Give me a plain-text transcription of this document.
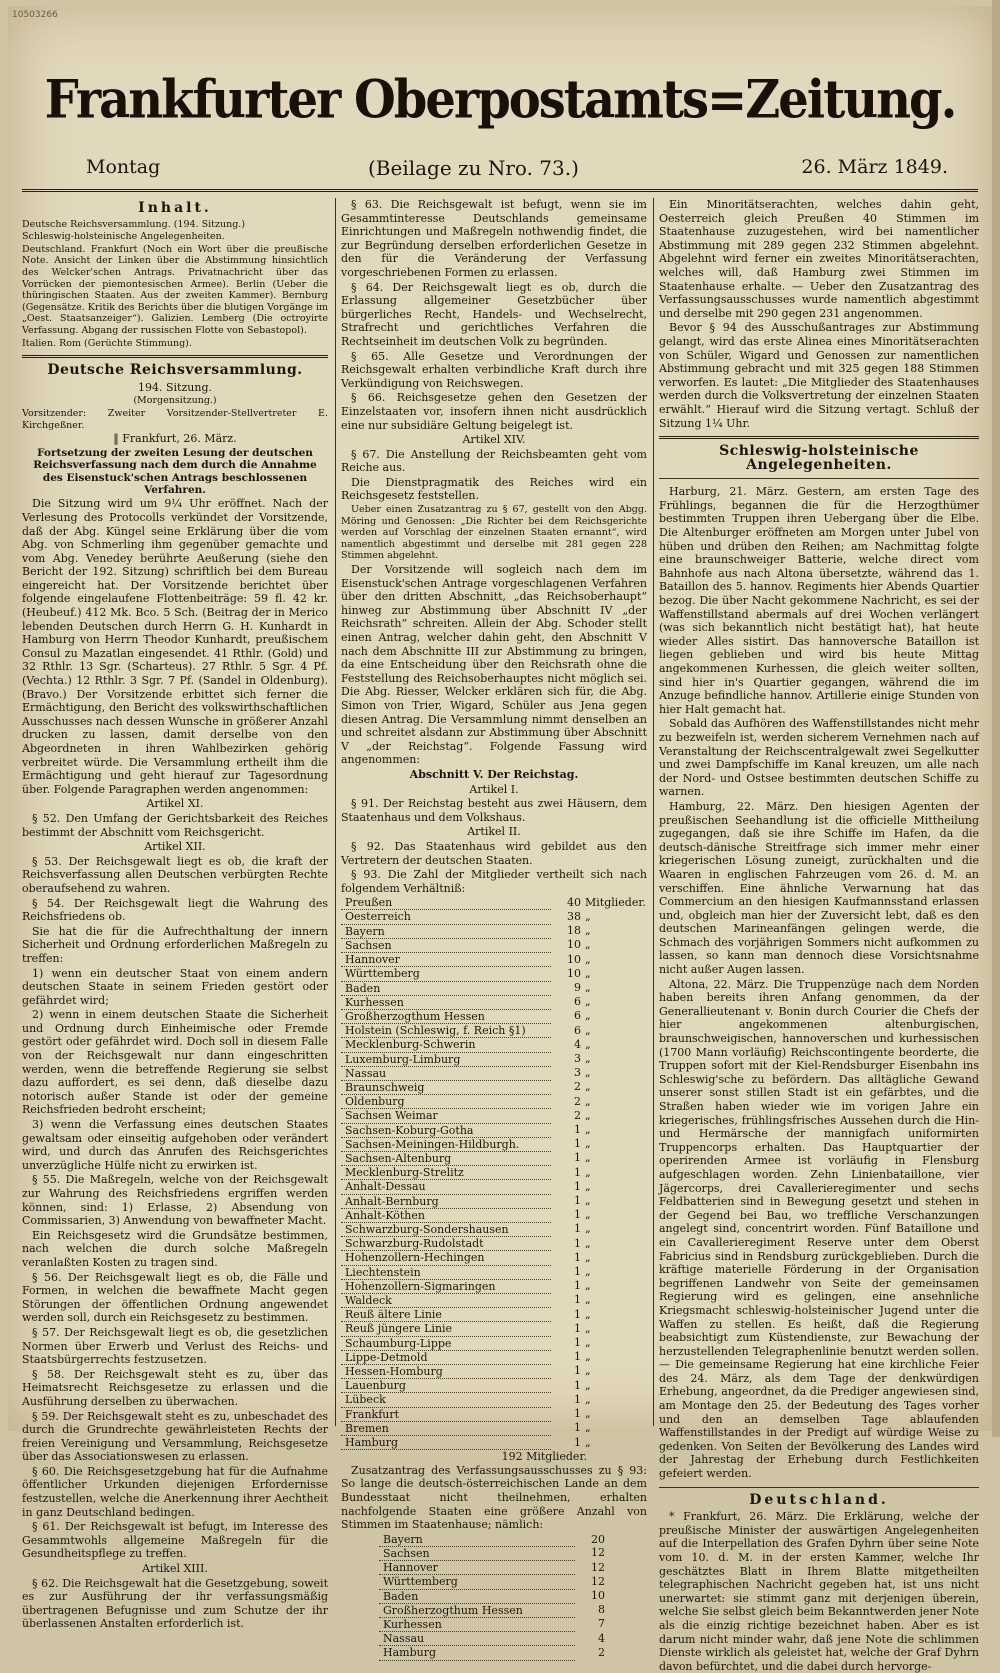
10503266
Frankfurter Oberpostamts=Zeitung.
Montag	(Beilage zu Nro. 73.)	26. März 1849.
Inhalt.

Deutsche Reichsversammlung. (194. Sitzung.)

Schleswig-holsteinische Angelegenheiten.

Deutschland. Frankfurt (Noch ein Wort über die preußische Note. Ansicht der Linken über die Abstimmung hinsichtlich des Welcker'schen Antrags. Privatnachricht über das Vorrücken der piemontesischen Armee). Berlin (Ueber die thüringischen Staaten. Aus der zweiten Kammer). Bernburg (Gegensätze. Kritik des Berichts über die blutigen Vorgänge im „Oest. Staatsanzeiger“). Galizien. Lemberg (Die octroyirte Verfassung. Abgang der russischen Flotte von Sebastopol).

Italien. Rom (Gerüchte Stimmung).

Deutsche Reichsversammlung.

194. Sitzung.

(Morgensitzung.)

Vorsitzender: Zweiter Vorsitzender-Stellvertreter E. Kirchgeßner.

‖ Frankfurt, 26. März.

Fortsetzung der zweiten Lesung der deutschen Reichsverfassung nach dem durch die Annahme des Eisenstuck'schen Antrags beschlossenen Verfahren.

Die Sitzung wird um 9¼ Uhr eröffnet. Nach der Verlesung des Protocolls verkündet der Vorsitzende, daß der Abg. Küngel seine Erklärung über die vom Abg. von Schmerling ihm gegenüber gemachte und vom Abg. Venedey berührte Aeußerung (siehe den Bericht der 192. Sitzung) schriftlich bei dem Bureau eingereicht hat. Der Vorsitzende berichtet über folgende eingelaufene Flottenbeiträge: 59 fl. 42 kr. (Heubeuf.) 412 Mk. Bco. 5 Sch. (Beitrag der in Merico lebenden Deutschen durch Herrn G. H. Kunhardt in Hamburg von Herrn Theodor Kunhardt, preußischem Consul zu Mazatlan eingesendet. 41 Rthlr. (Gold) und 32 Rthlr. 13 Sgr. (Scharteus). 27 Rthlr. 5 Sgr. 4 Pf. (Vechta.) 12 Rthlr. 3 Sgr. 7 Pf. (Sandel in Oldenburg). (Bravo.) Der Vorsitzende erbittet sich ferner die Ermächtigung, den Bericht des volkswirthschaftlichen Ausschusses nach dessen Wunsche in größerer Anzahl drucken zu lassen, damit derselbe von den Abgeordneten in ihren Wahlbezirken gehörig verbreitet würde. Die Versammlung ertheilt ihm die Ermächtigung und geht hierauf zur Tagesordnung über. Folgende Paragraphen werden angenommen:

Artikel XI.

§ 52. Den Umfang der Gerichtsbarkeit des Reiches bestimmt der Abschnitt vom Reichsgericht.

Artikel XII.

§ 53. Der Reichsgewalt liegt es ob, die kraft der Reichsverfassung allen Deutschen verbürgten Rechte oberaufsehend zu wahren.

§ 54. Der Reichsgewalt liegt die Wahrung des Reichsfriedens ob.

Sie hat die für die Aufrechthaltung der innern Sicherheit und Ordnung erforderlichen Maßregeln zu treffen:

1) wenn ein deutscher Staat von einem andern deutschen Staate in seinem Frieden gestört oder gefährdet wird;

2) wenn in einem deutschen Staate die Sicherheit und Ordnung durch Einheimische oder Fremde gestört oder gefährdet wird. Doch soll in diesem Falle von der Reichsgewalt nur dann eingeschritten werden, wenn die betreffende Regierung sie selbst dazu auffordert, es sei denn, daß dieselbe dazu notorisch außer Stande ist oder der gemeine Reichsfrieden bedroht erscheint;

3) wenn die Verfassung eines deutschen Staates gewaltsam oder einseitig aufgehoben oder verändert wird, und durch das Anrufen des Reichsgerichtes unverzügliche Hülfe nicht zu erwirken ist.

§ 55. Die Maßregeln, welche von der Reichsgewalt zur Wahrung des Reichsfriedens ergriffen werden können, sind: 1) Erlasse, 2) Absendung von Commissarien, 3) Anwendung von bewaffneter Macht.

Ein Reichsgesetz wird die Grundsätze bestimmen, nach welchen die durch solche Maßregeln veranlaßten Kosten zu tragen sind.

§ 56. Der Reichsgewalt liegt es ob, die Fälle und Formen, in welchen die bewaffnete Macht gegen Störungen der öffentlichen Ordnung angewendet werden soll, durch ein Reichsgesetz zu bestimmen.

§ 57. Der Reichsgewalt liegt es ob, die gesetzlichen Normen über Erwerb und Verlust des Reichs- und Staatsbürgerrechts festzusetzen.

§ 58. Der Reichsgewalt steht es zu, über das Heimatsrecht Reichsgesetze zu erlassen und die Ausführung derselben zu überwachen.

§ 59. Der Reichsgewalt steht es zu, unbeschadet des durch die Grundrechte gewährleisteten Rechts der freien Vereinigung und Versammlung, Reichsgesetze über das Associationswesen zu erlassen.

§ 60. Die Reichsgesetzgebung hat für die Aufnahme öffentlicher Urkunden diejenigen Erfordernisse festzustellen, welche die Anerkennung ihrer Aechtheit in ganz Deutschland bedingen.

§ 61. Der Reichsgewalt ist befugt, im Interesse des Gesammtwohls allgemeine Maßregeln für die Gesundheitspflege zu treffen.

Artikel XIII.

§ 62. Die Reichsgewalt hat die Gesetzgebung, soweit es zur Ausführung der ihr verfassungsmäßig übertragenen Befugnisse und zum Schutze der ihr überlassenen Anstalten erforderlich ist.

§ 63. Die Reichsgewalt ist befugt, wenn sie im Gesammtinteresse Deutschlands gemeinsame Einrichtungen und Maßregeln nothwendig findet, die zur Begründung derselben erforderlichen Gesetze in den für die Veränderung der Verfassung vorgeschriebenen Formen zu erlassen.

§ 64. Der Reichsgewalt liegt es ob, durch die Erlassung allgemeiner Gesetzbücher über bürgerliches Recht, Handels- und Wechselrecht, Strafrecht und gerichtliches Verfahren die Rechtseinheit im deutschen Volk zu begründen.

§ 65. Alle Gesetze und Verordnungen der Reichsgewalt erhalten verbindliche Kraft durch ihre Verkündigung von Reichswegen.

§ 66. Reichsgesetze gehen den Gesetzen der Einzelstaaten vor, insofern ihnen nicht ausdrücklich eine nur subsidiäre Geltung beigelegt ist.

Artikel XIV.

§ 67. Die Anstellung der Reichsbeamten geht vom Reiche aus.

Die Dienstpragmatik des Reiches wird ein Reichsgesetz feststellen.

Ueber einen Zusatzantrag zu § 67, gestellt von den Abgg. Möring und Genossen: „Die Richter bei dem Reichsgerichte werden auf Vorschlag der einzelnen Staaten ernannt“, wird namentlich abgestimmt und derselbe mit 281 gegen 228 Stimmen abgelehnt.

Der Vorsitzende will sogleich nach dem im Eisenstuck'schen Antrage vorgeschlagenen Verfahren über den dritten Abschnitt, „das Reichsoberhaupt“ hinweg zur Abstimmung über Abschnitt IV „der Reichsrath“ schreiten. Allein der Abg. Schoder stellt einen Antrag, welcher dahin geht, den Abschnitt V nach dem Abschnitte III zur Abstimmung zu bringen, da eine Entscheidung über den Reichsrath ohne die Feststellung des Reichsoberhauptes nicht möglich sei. Die Abg. Riesser, Welcker erklären sich für, die Abg. Simon von Trier, Wigard, Schüler aus Jena gegen diesen Antrag. Die Versammlung nimmt denselben an und schreitet alsdann zur Abstimmung über Abschnitt V „der Reichstag“. Folgende Fassung wird angenommen:

Abschnitt V. Der Reichstag.

Artikel I.

§ 91. Der Reichstag besteht aus zwei Häusern, dem Staatenhaus und dem Volkshaus.

Artikel II.

§ 92. Das Staatenhaus wird gebildet aus den Vertretern der deutschen Staaten.

§ 93. Die Zahl der Mitglieder vertheilt sich nach folgendem Verhältniß:

Preußen	40	Mitglieder.
Oesterreich	38	„
Bayern	18	„
Sachsen	10	„
Hannover	10	„
Württemberg	10	„
Baden	9	„
Kurhessen	6	„
Großherzogthum Hessen	6	„
Holstein (Schleswig, f. Reich §1)	6	„
Mecklenburg-Schwerin	4	„
Luxemburg-Limburg	3	„
Nassau	3	„
Braunschweig	2	„
Oldenburg	2	„
Sachsen Weimar	2	„
Sachsen-Koburg-Gotha	1	„
Sachsen-Meiningen-Hildburgh.	1	„
Sachsen-Altenburg	1	„
Mecklenburg-Strelitz	1	„
Anhalt-Dessau	1	„
Anhalt-Bernburg	1	„
Anhalt-Köthen	1	„
Schwarzburg-Sondershausen	1	„
Schwarzburg-Rudolstadt	1	„
Hohenzollern-Hechingen	1	„
Liechtenstein	1	„
Hohenzollern-Sigmaringen	1	„
Waldeck	1	„
Reuß ältere Linie	1	„
Reuß jüngere Linie	1	„
Schaumburg-Lippe	1	„
Lippe-Detmold	1	„
Hessen-Homburg	1	„
Lauenburg	1	„
Lübeck	1	„
Frankfurt	1	„
Bremen	1	„
Hamburg	1	„
192 Mitglieder.

Zusatzantrag des Verfassungsausschusses zu § 93: So lange die deutsch-österreichischen Lande an dem Bundesstaat nicht theilnehmen, erhalten nachfolgende Staaten eine größere Anzahl von Stimmen im Staatenhause; nämlich:

Bayern	20
Sachsen	12
Hannover	12
Württemberg	12
Baden	10
Großherzogthum Hessen	8
Kurhessen	7
Nassau	4
Hamburg	2

Ein Minoritätserachten, welches dahin geht, Oesterreich gleich Preußen 40 Stimmen im Staatenhause zuzugestehen, wird bei namentlicher Abstimmung mit 289 gegen 232 Stimmen abgelehnt. Abgelehnt wird ferner ein zweites Minoritätserachten, welches will, daß Hamburg zwei Stimmen im Staatenhause erhalte. — Ueber den Zusatzantrag des Verfassungsausschusses wurde namentlich abgestimmt und derselbe mit 290 gegen 231 angenommen.

Bevor § 94 des Ausschußantrages zur Abstimmung gelangt, wird das erste Alinea eines Minoritätserachten von Schüler, Wigard und Genossen zur namentlichen Abstimmung gebracht und mit 325 gegen 188 Stimmen verworfen. Es lautet: „Die Mitglieder des Staatenhauses werden durch die Volksvertretung der einzelnen Staaten erwählt.“ Hierauf wird die Sitzung vertagt. Schluß der Sitzung 1¼ Uhr.

Schleswig-holsteinische Angelegenheiten.

Harburg, 21. März. Gestern, am ersten Tage des Frühlings, begannen die für die Herzogthümer bestimmten Truppen ihren Uebergang über die Elbe. Die Altenburger eröffneten am Morgen unter Jubel von hüben und drüben den Reihen; am Nachmittag folgte eine braunschweiger Batterie, welche direct vom Bahnhofe aus nach Altona übersetzte, während das 1. Bataillon des 5. hannov. Regiments hier Abends Quartier bezog. Die über Nacht gekommene Nachricht, es sei der Waffenstillstand abermals auf drei Wochen verlängert (was sich bekanntlich nicht bestätigt hat), hat heute wieder Alles sistirt. Das hannoversche Bataillon ist liegen geblieben und wird bis heute Mittag angekommenen Kurhessen, die gleich weiter sollten, sind hier in's Quartier gegangen, während die im Anzuge befindliche hannov. Artillerie einige Stunden von hier Halt gemacht hat.

Sobald das Aufhören des Waffenstillstandes nicht mehr zu bezweifeln ist, werden sicherem Vernehmen nach auf Veranstaltung der Reichscentralgewalt zwei Segelkutter und zwei Dampfschiffe im Kanal kreuzen, um alle nach der Nord- und Ostsee bestimmten deutschen Schiffe zu warnen.

Hamburg, 22. März. Den hiesigen Agenten der preußischen Seehandlung ist die officielle Mittheilung zugegangen, daß sie ihre Schiffe im Hafen, da die deutsch-dänische Streitfrage sich immer mehr einer kriegerischen Lösung zuneigt, zurückhalten und die Waaren in englischen Fahrzeugen vom 26. d. M. an verschiffen. Eine ähnliche Verwarnung hat das Commercium an den hiesigen Kaufmannsstand erlassen und, obgleich man hier der Zuversicht lebt, daß es den deutschen Marineanfängen gelingen werde, die Schmach des vorjährigen Sommers nicht aufkommen zu lassen, so kann man dennoch diese Vorsichtsnahme nicht außer Augen lassen.

Altona, 22. März. Die Truppenzüge nach dem Norden haben bereits ihren Anfang genommen, da der Generallieutenant v. Bonin durch Courier die Chefs der hier angekommenen altenburgischen, braunschweigischen, hannoverschen und kurhessischen (1700 Mann vorläufig) Reichscontingente beorderte, die Truppen sofort mit der Kiel-Rendsburger Eisenbahn ins Schleswig'sche zu befördern. Das alltägliche Gewand unserer sonst stillen Stadt ist ein gefärbtes, und die Straßen haben wieder wie im vorigen Jahre ein kriegerisches, frühlingsfrisches Aussehen durch die Hin- und Hermärsche der mannigfach uniformirten Truppencorps erhalten. Das Hauptquartier der operirenden Armee ist vorläufig in Flensburg aufgeschlagen worden. Zehn Linienbataillone, vier Jägercorps, drei Cavallerieregimenter und sechs Feldbatterien sind in Bewegung gesetzt und stehen in der Gegend bei Bau, wo treffliche Verschanzungen angelegt sind, concentrirt worden. Fünf Bataillone und ein Cavallerieregiment Reserve unter dem Oberst Fabricius sind in Rendsburg zurückgeblieben. Durch die kräftige materielle Förderung in der Organisation begriffenen Landwehr von Seite der gemeinsamen Regierung wird es gelingen, eine ansehnliche Kriegsmacht schleswig-holsteinischer Jugend unter die Waffen zu stellen. Es heißt, daß die Regierung beabsichtigt zum Küstendienste, zur Bewachung der herzustellenden Telegraphenlinie benutzt werden sollen. — Die gemeinsame Regierung hat eine kirchliche Feier des 24. März, als dem Tage der denkwürdigen Erhebung, angeordnet, da die Prediger angewiesen sind, am Montage den 25. der Bedeutung des Tages vorher und den an demselben Tage ablaufenden Waffenstillstandes in der Predigt auf würdige Weise zu gedenken. Von Seiten der Bevölkerung des Landes wird der Jahrestag der Erhebung durch Festlichkeiten gefeiert werden.

Deutschland.

* Frankfurt, 26. März. Die Erklärung, welche der preußische Minister der auswärtigen Angelegenheiten auf die Interpellation des Grafen Dyhrn über seine Note vom 10. d. M. in der ersten Kammer, welche Ihr geschätztes Blatt in Ihrem Blatte mitgetheilten telegraphischen Nachricht gegeben hat, ist uns nicht unerwartet: sie stimmt ganz mit derjenigen überein, welche Sie selbst gleich beim Bekanntwerden jener Note als die einzig richtige bezeichnet haben. Aber es ist darum nicht minder wahr, daß jene Note die schlimmen Dienste wirklich als geleistet hat, welche der Graf Dyhrn davon befürchtet, und die dabei durch hervorge-
